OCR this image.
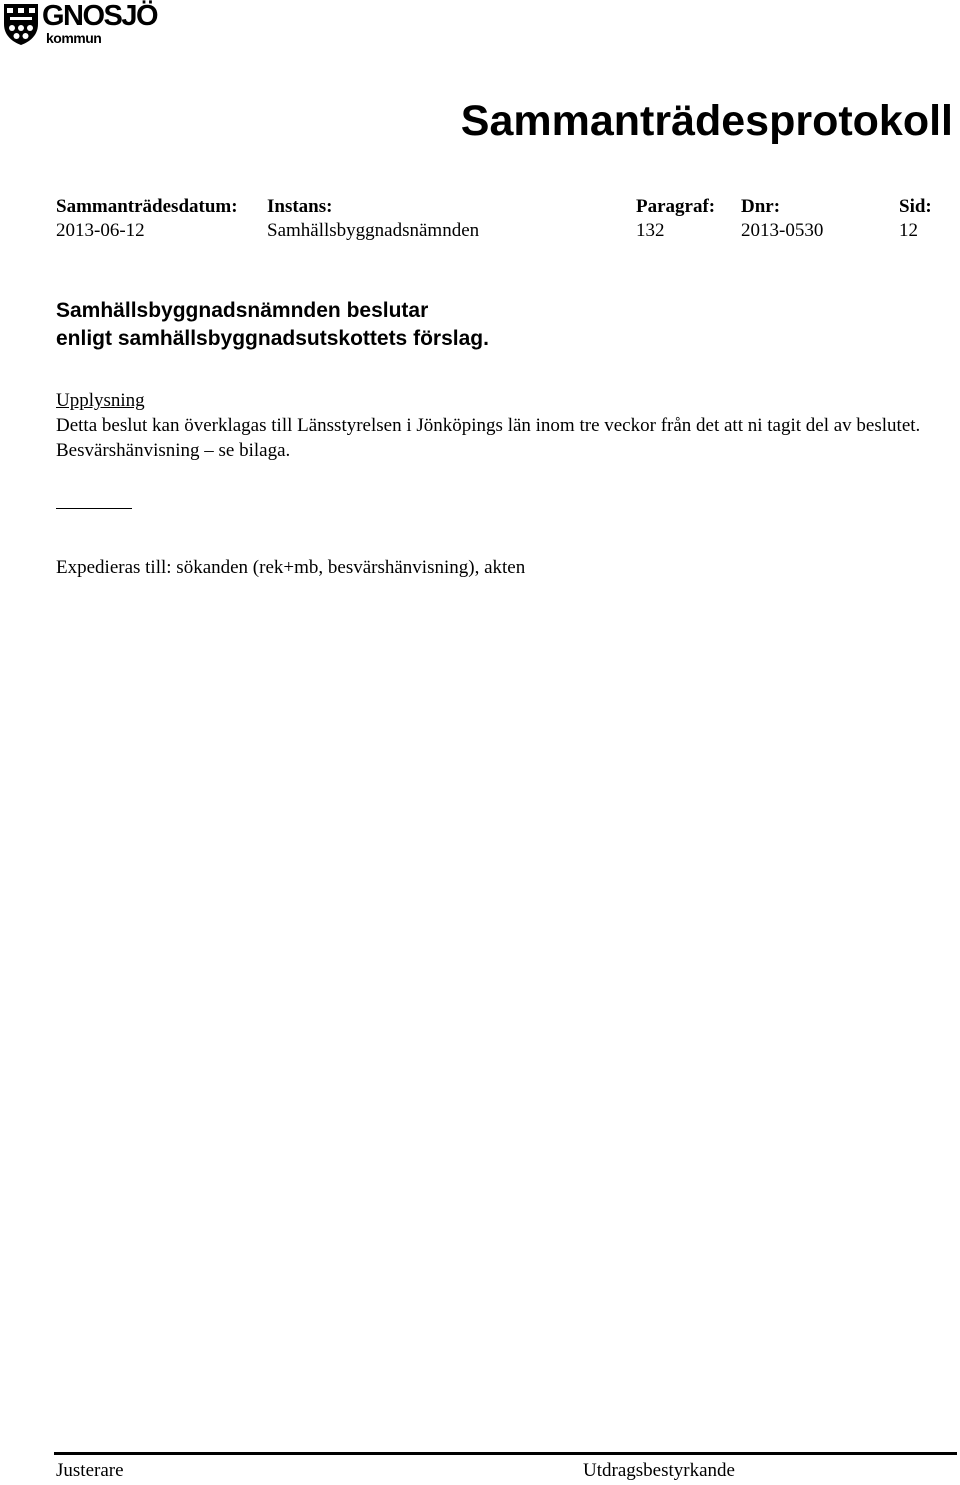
GNOSJÖ
kommun
Sammanträdesprotokoll
Sammanträdesdatum:
2013-06-12
Instans:
Samhällsbyggnadsnämnden
Paragraf:
132
Dnr:
2013-0530
Sid:
12
Samhällsbyggnadsnämnden beslutar
enligt samhällsbyggnadsutskottets förslag.
Upplysning
Detta beslut kan överklagas till Länsstyrelsen i Jönköpings län inom tre veckor från det att ni tagit del av beslutet. Besvärshänvisning – se bilaga.
Expedieras till: sökanden (rek+mb, besvärshänvisning), akten
Justerare	Utdragsbestyrkande
